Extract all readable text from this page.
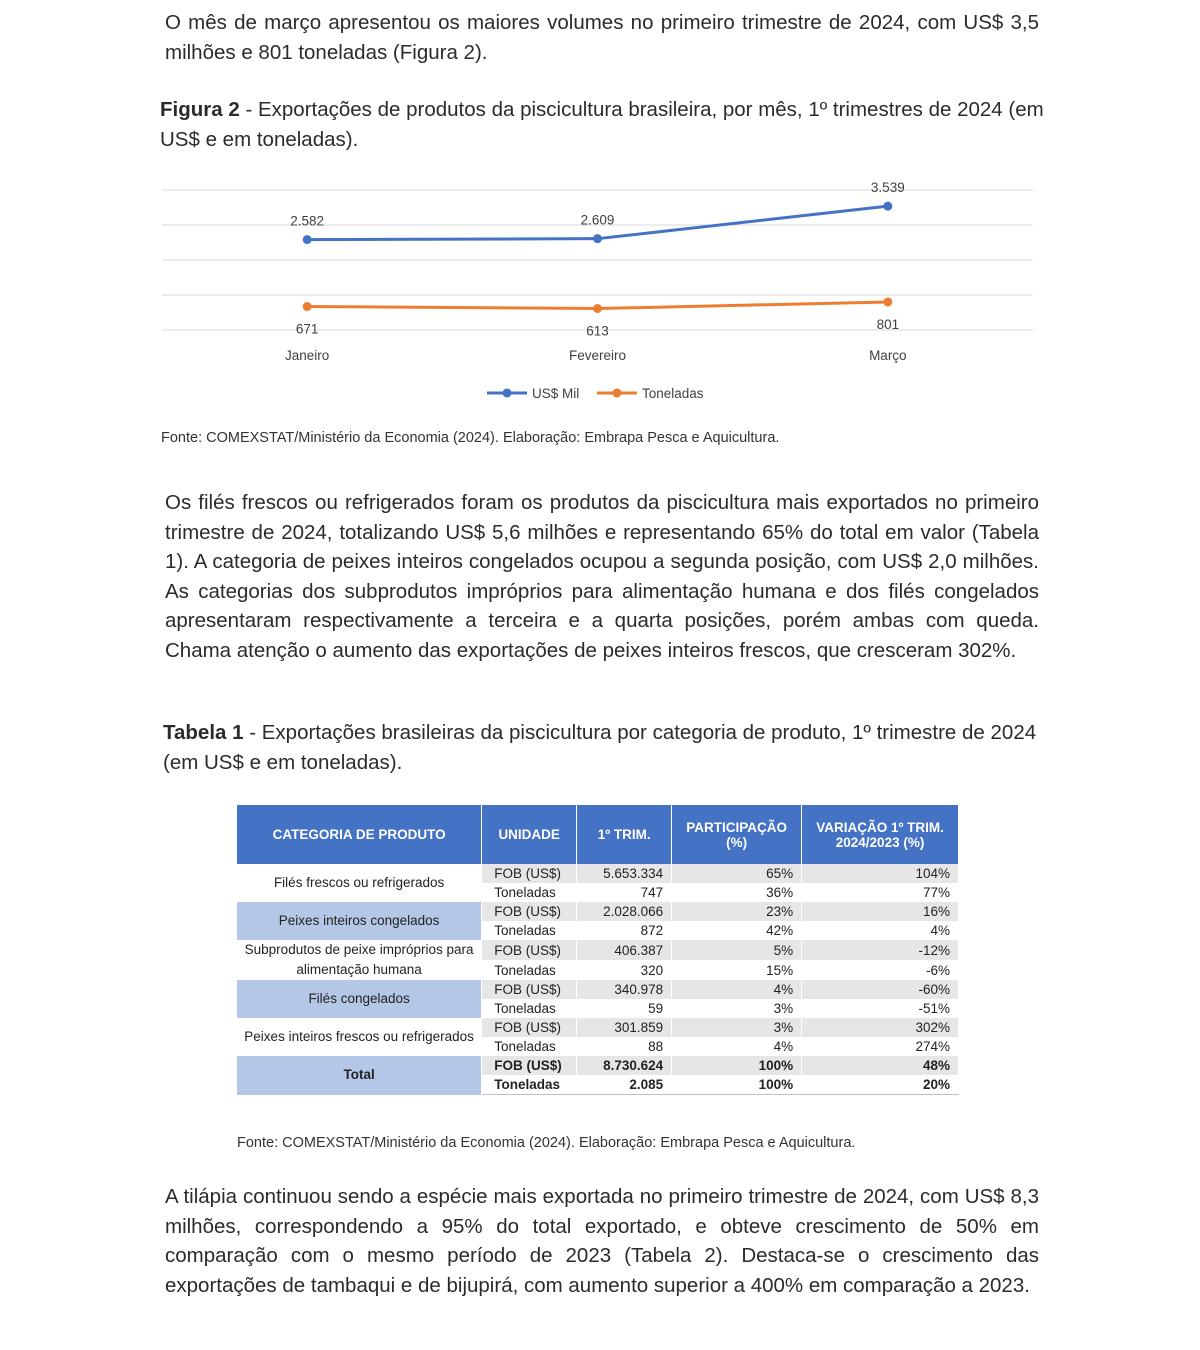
O mês de março apresentou os maiores volumes no primeiro trimestre de 2024, com US$ 3,5 milhões e 801 toneladas (Figura 2).

Figura 2 - Exportações de produtos da piscicultura brasileira, por mês, 1º trimestres de 2024 (em US$ e em toneladas).

2.582	2.609
3.539
671	613	801
Janeiro	Fevereiro	Março
US$ Mil	Toneladas

Fonte: COMEXSTAT/Ministério da Economia (2024). Elaboração: Embrapa Pesca e Aquicultura.

Os filés frescos ou refrigerados foram os produtos da piscicultura mais exportados no primeiro trimestre de 2024, totalizando US$ 5,6 milhões e representando 65% do total em valor (Tabela 1). A categoria de peixes inteiros congelados ocupou a segunda posição, com US$ 2,0 milhões. As categorias dos subprodutos impróprios para alimentação humana e dos filés congelados apresentaram respectivamente a terceira e a quarta posições, porém ambas com queda. Chama atenção o aumento das exportações de peixes inteiros frescos, que cresceram 302%.

Tabela 1 - Exportações brasileiras da piscicultura por categoria de produto, 1º trimestre de 2024 (em US$ e em toneladas).

CATEGORIA DE PRODUTO	UNIDADE	1º TRIM.	PARTICIPAÇÃO (%)	VARIAÇÃO 1º TRIM. 2024/2023 (%)
Filés frescos ou refrigerados	FOB (US$)	5.653.334	65%	104%
	Toneladas	747	36%	77%
Peixes inteiros congelados	FOB (US$)	2.028.066	23%	16%
	Toneladas	872	42%	4%
Subprodutos de peixe impróprios para alimentação humana	FOB (US$)	406.387	5%	-12%
	Toneladas	320	15%	-6%
Filés congelados	FOB (US$)	340.978	4%	-60%
	Toneladas	59	3%	-51%
Peixes inteiros frescos ou refrigerados	FOB (US$)	301.859	3%	302%
	Toneladas	88	4%	274%
Total	FOB (US$)	8.730.624	100%	48%
	Toneladas	2.085	100%	20%

Fonte: COMEXSTAT/Ministério da Economia (2024). Elaboração: Embrapa Pesca e Aquicultura.

A tilápia continuou sendo a espécie mais exportada no primeiro trimestre de 2024, com US$ 8,3 milhões, correspondendo a 95% do total exportado, e obteve crescimento de 50% em comparação com o mesmo período de 2023 (Tabela 2). Destaca-se o crescimento das exportações de tambaqui e de bijupirá, com aumento superior a 400% em comparação a 2023.
